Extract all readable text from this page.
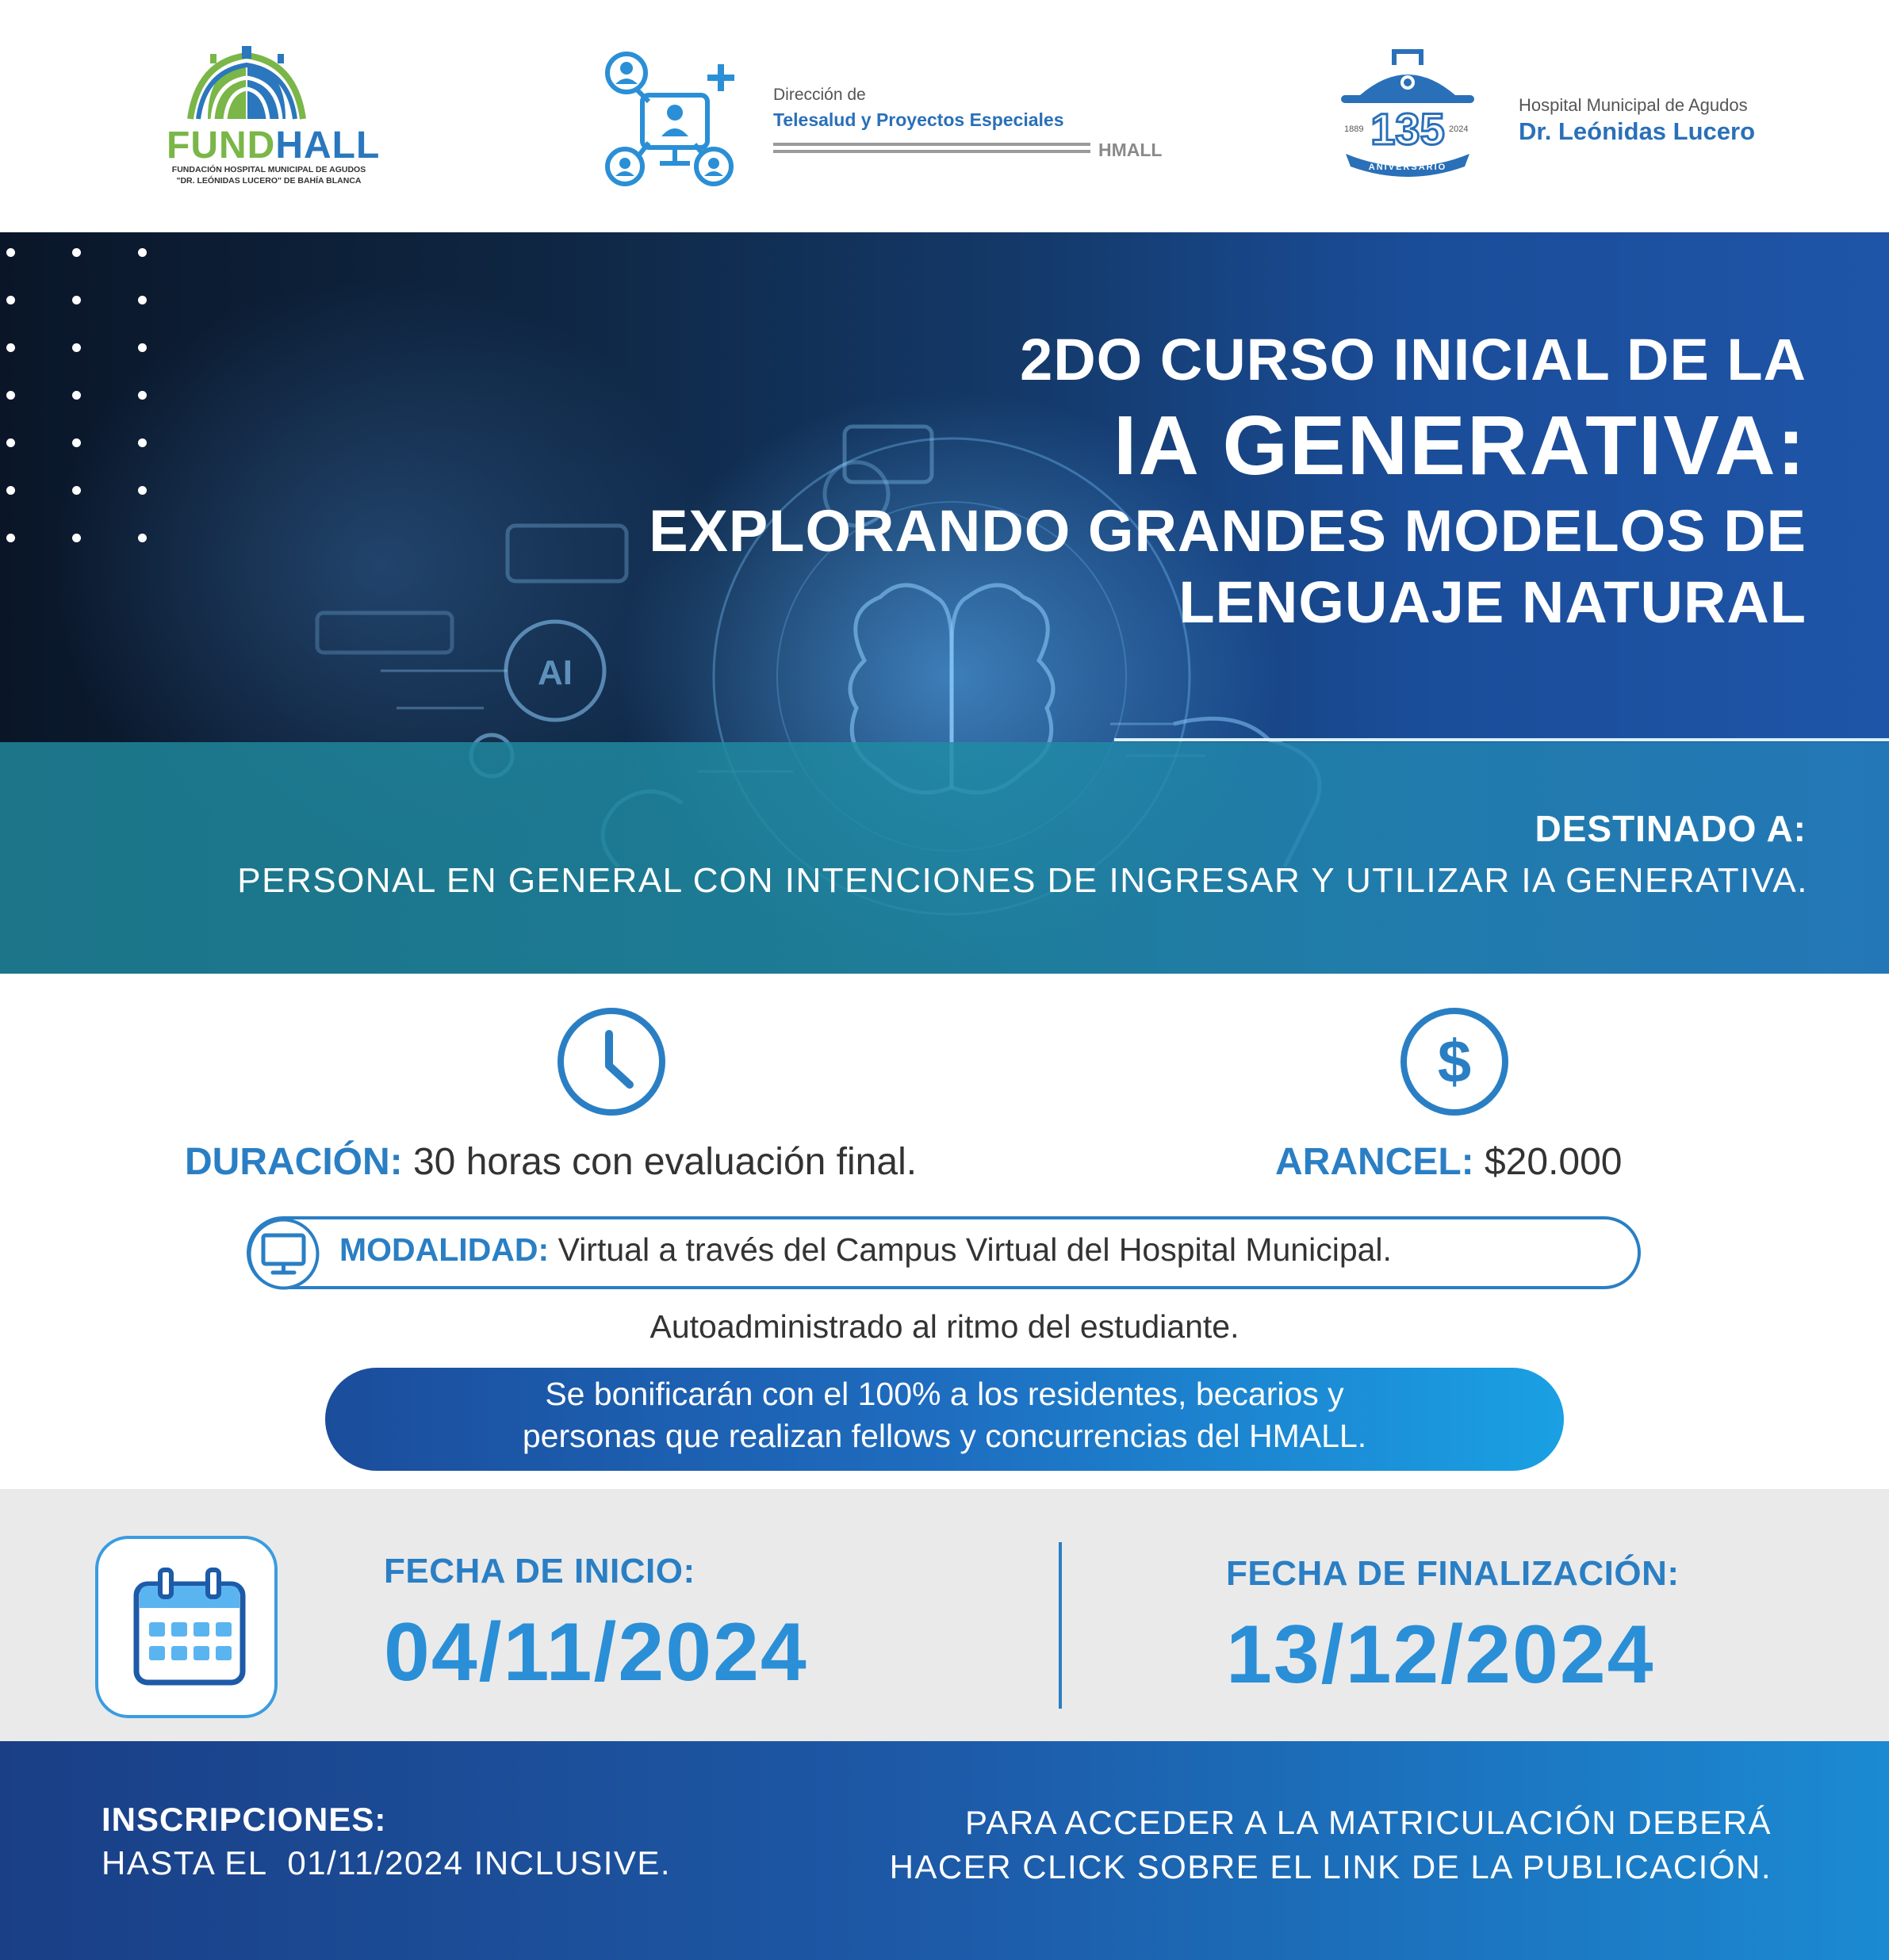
FUNDHALL
FUNDACIÓN HOSPITAL MUNICIPAL DE AGUDOS
"DR. LEÓNIDAS LUCERO" DE BAHÍA BLANCA
Dirección de
Telesalud y Proyectos Especiales
HMALL	135
1889	2024
ANIVERSARIO
Hospital Municipal de Agudos
Dr. Leónidas Lucero
AI
2DO CURSO INICIAL DE LA
IA GENERATIVA:
EXPLORANDO GRANDES MODELOS DE
LENGUAJE NATURAL
DESTINADO A:
PERSONAL EN GENERAL CON INTENCIONES DE INGRESAR Y UTILIZAR IA GENERATIVA.
$
DURACIÓN: 30 horas con evaluación final.	ARANCEL: $20.000
MODALIDAD: Virtual a través del Campus Virtual del Hospital Municipal.
Autoadministrado al ritmo del estudiante.
Se bonificarán con el 100% a los residentes, becarios y
personas que realizan fellows y concurrencias del HMALL.
FECHA DE INICIO:
04/11/2024
FECHA DE FINALIZACIÓN:
13/12/2024
INSCRIPCIONES:
HASTA EL  01/11/2024 INCLUSIVE.
PARA ACCEDER A LA MATRICULACIÓN DEBERÁ
HACER CLICK SOBRE EL LINK DE LA PUBLICACIÓN.
